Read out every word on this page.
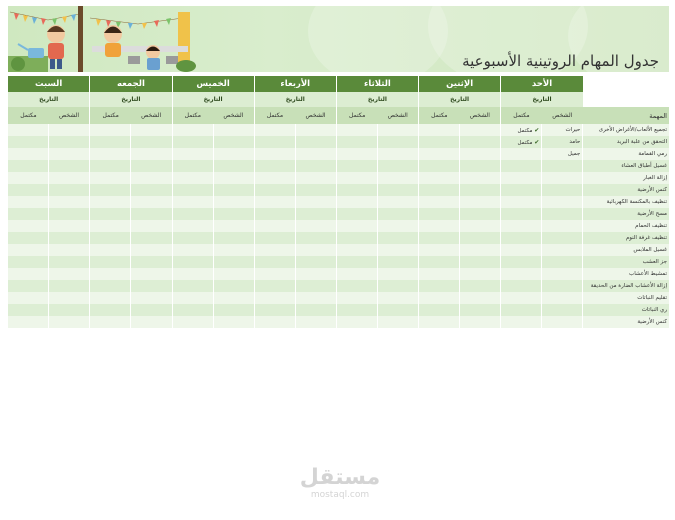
جدول المهام الروتينية الأسبوعية
	الأحد		الإثنين		الثلاثاء		الأربعاء		الخميس		الجمعه		السبت	
	التاريخ		التاريخ		التاريخ		التاريخ		التاريخ		التاريخ		التاريخ	
المهمة	الشخص	مكتمل	الشخص	مكتمل	الشخص	مكتمل	الشخص	مكتمل	الشخص	مكتمل	الشخص	مكتمل	الشخص	مكتمل
تجميع الألعاب/الأغراض الأخرى	حيرات	✔ مكتمل												
التحقق من علبة البريد	حامد	✔ مكتمل												
رمي القمامة	جميل													
غسيل أطباق العشاء														
إزالة الغبار														
كنس الأرضية														
تنظيف بالمكنسة الكهربائية														
مسح الأرضية														
تنظيف الحمام														
تنظيف غرفة النوم														
غسيل الملابس														
جز العشب														
تمشيط الأعشاب														
إزالة الأعشاب الضارة من الحديقة														
تقليم النباتات														
ري النباتات														
كنس الأرضية														
مستقل
mostaql.com
